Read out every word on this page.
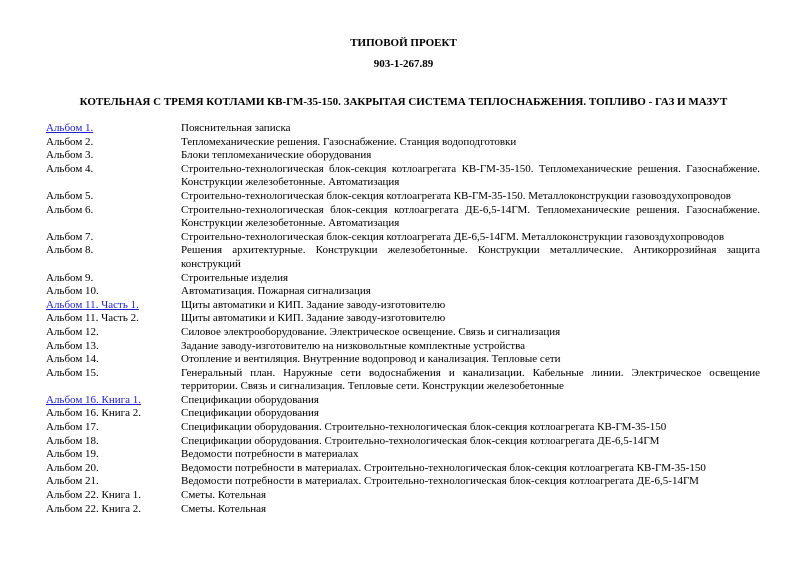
ТИПОВОЙ ПРОЕКТ
903-1-267.89
КОТЕЛЬНАЯ С ТРЕМЯ КОТЛАМИ КВ-ГМ-35-150. ЗАКРЫТАЯ СИСТЕМА ТЕПЛОСНАБЖЕНИЯ. ТОПЛИВО - ГАЗ И МАЗУТ
Альбом 1.	Пояснительная записка
Альбом 2.	Тепломеханические решения. Газоснабжение. Станция водоподготовки
Альбом 3.	Блоки тепломеханические оборудования
Альбом 4.	Строительно-технологическая блок-секция котлоагрегата КВ-ГМ-35-150. Тепломеханические решения. Газоснабжение. Конструкции железобетонные. Автоматизация
Альбом 5.	Строительно-технологическая блок-секция котлоагрегата КВ-ГМ-35-150. Металлоконструкции газовоздухопроводов
Альбом 6.	Строительно-технологическая блок-секция котлоагрегата ДЕ-6,5-14ГМ. Тепломеханические решения. Газоснабжение. Конструкции железобетонные. Автоматизация
Альбом 7.	Строительно-технологическая блок-секция котлоагрегата ДЕ-6,5-14ГМ. Металлоконструкции газовоздухопроводов
Альбом 8.	Решения архитектурные. Конструкции железобетонные. Конструкции металлические. Антикоррозийная защита конструкций
Альбом 9.	Строительные изделия
Альбом 10.	Автоматизация. Пожарная сигнализация
Альбом 11. Часть 1.	Щиты автоматики и КИП. Задание заводу-изготовителю
Альбом 11. Часть 2.	Щиты автоматики и КИП. Задание заводу-изготовителю
Альбом 12.	Силовое электрооборудование. Электрическое освещение. Связь и сигнализация
Альбом 13.	Задание заводу-изготовителю на низковольтные комплектные устройства
Альбом 14.	Отопление и вентиляция. Внутренние водопровод и канализация. Тепловые сети
Альбом 15.	Генеральный план. Наружные сети водоснабжения и канализации. Кабельные линии. Электрическое освещение территории. Связь и сигнализация. Тепловые сети. Конструкции железобетонные
Альбом 16. Книга 1.	Спецификации оборудования
Альбом 16. Книга 2.	Спецификации оборудования
Альбом 17.	Спецификации оборудования. Строительно-технологическая блок-секция котлоагрегата КВ-ГМ-35-150
Альбом 18.	Спецификации оборудования. Строительно-технологическая блок-секция котлоагрегата ДЕ-6,5-14ГМ
Альбом 19.	Ведомости потребности в материалах
Альбом 20.	Ведомости потребности в материалах. Строительно-технологическая блок-секция котлоагрегата КВ-ГМ-35-150
Альбом 21.	Ведомости потребности в материалах. Строительно-технологическая блок-секция котлоагрегата ДЕ-6,5-14ГМ
Альбом 22. Книга 1.	Сметы. Котельная
Альбом 22. Книга 2.	Сметы. Котельная
